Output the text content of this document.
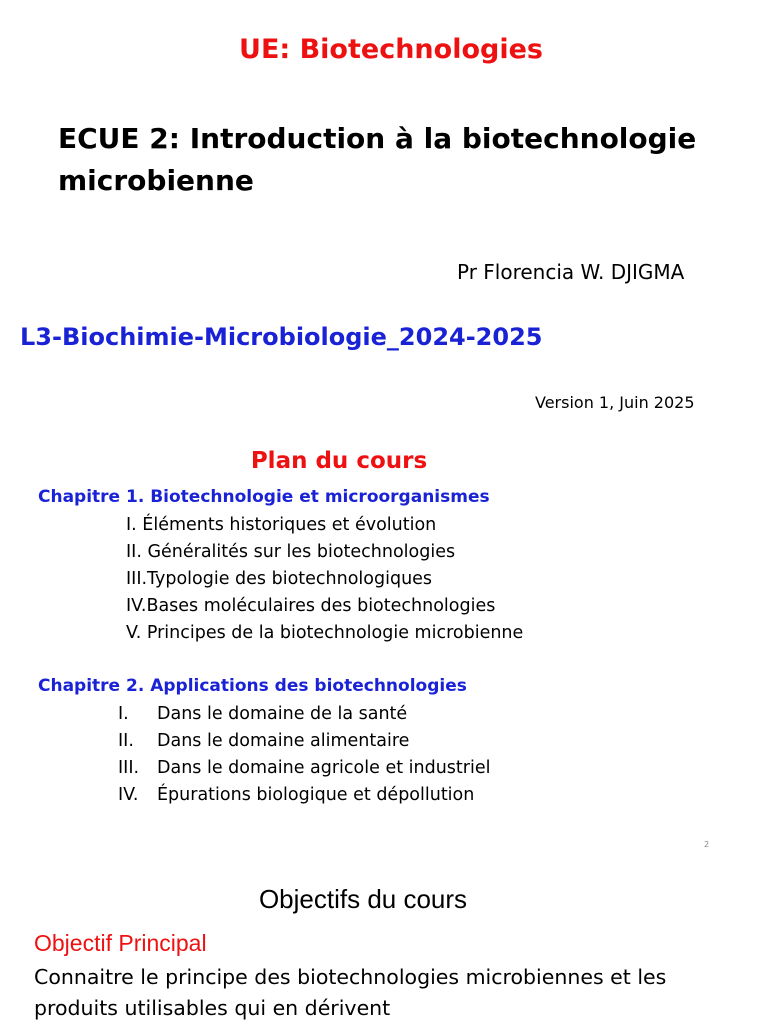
UE: Biotechnologies
ECUE 2: Introduction à la biotechnologie microbienne
Pr Florencia W. DJIGMA
L3-Biochimie-Microbiologie_2024-2025
Version 1, Juin 2025
Plan du cours
Chapitre 1. Biotechnologie et microorganismes
I. Éléments historiques et évolution
II. Généralités sur les biotechnologies
III.Typologie des biotechnologiques
IV.Bases moléculaires des biotechnologies
V. Principes de la biotechnologie microbienne
Chapitre 2. Applications des biotechnologies
I. Dans le domaine de la santé
II. Dans le domaine alimentaire
III. Dans le domaine agricole et industriel
IV. Épurations biologique et dépollution
2
Objectifs du cours
Objectif Principal
Connaitre le principe des biotechnologies microbiennes et les produits utilisables qui en dérivent
